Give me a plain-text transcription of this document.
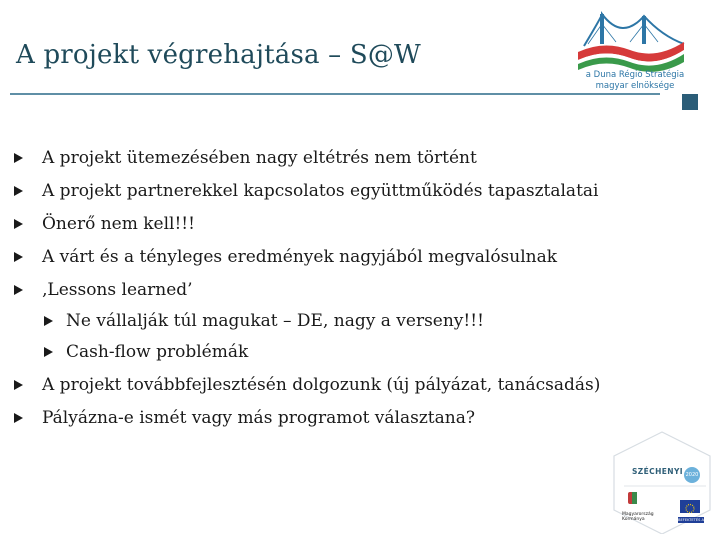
A projekt végrehajtása – S@W
a Duna Régió Stratégia
magyar elnöksége
A projekt ütemezésében nagy eltétrés nem történt
A projekt partnerekkel kapcsolatos együttműködés tapasztalatai
Önerő nem kell!!!
A várt és a tényleges eredmények nagyjából megvalósulnak
‚Lessons learned’
Ne vállalják túl magukat – DE, nagy a verseny!!!
Cash-flow problémák
A projekt továbbfejlesztésén dolgozunk (új pályázat, tanácsadás)
Pályázna-e ismét vagy más programot választana?
SZÉCHENYI 2020
Magyarország Kormánya	BEFEKTETÉS A JÖVŐBE
